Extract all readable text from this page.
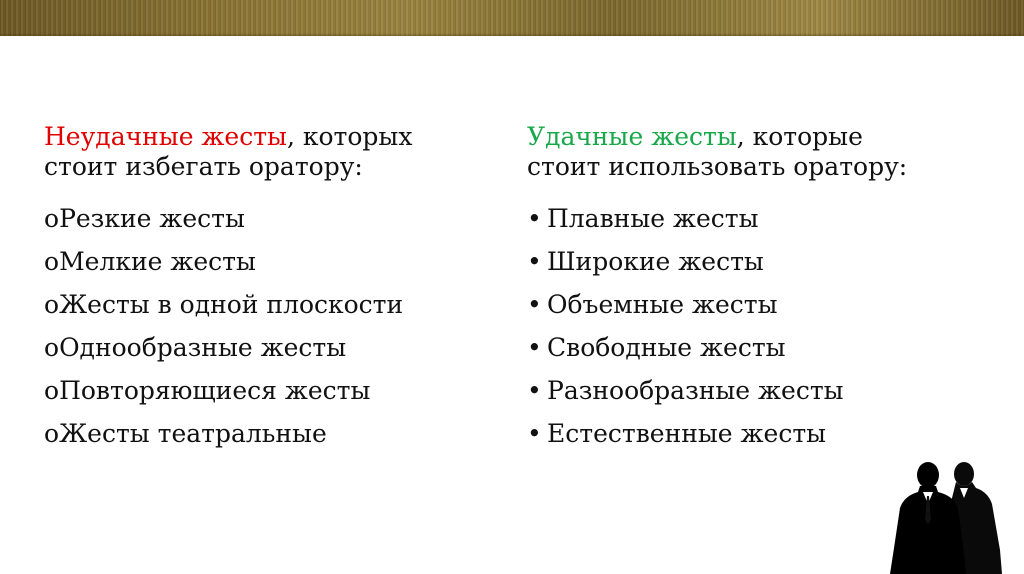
Неудачные жесты, которых
стоит избегать оратору:
oРезкие жесты
oМелкие жесты
oЖесты в одной плоскости
oОднообразные жесты
oПовторяющиеся жесты
oЖесты театральные
Удачные жесты, которые
стоит использовать оратору:
• Плавные жесты
• Широкие жесты
• Объемные жесты
• Свободные жесты
• Разнообразные жесты
• Естественные жесты
